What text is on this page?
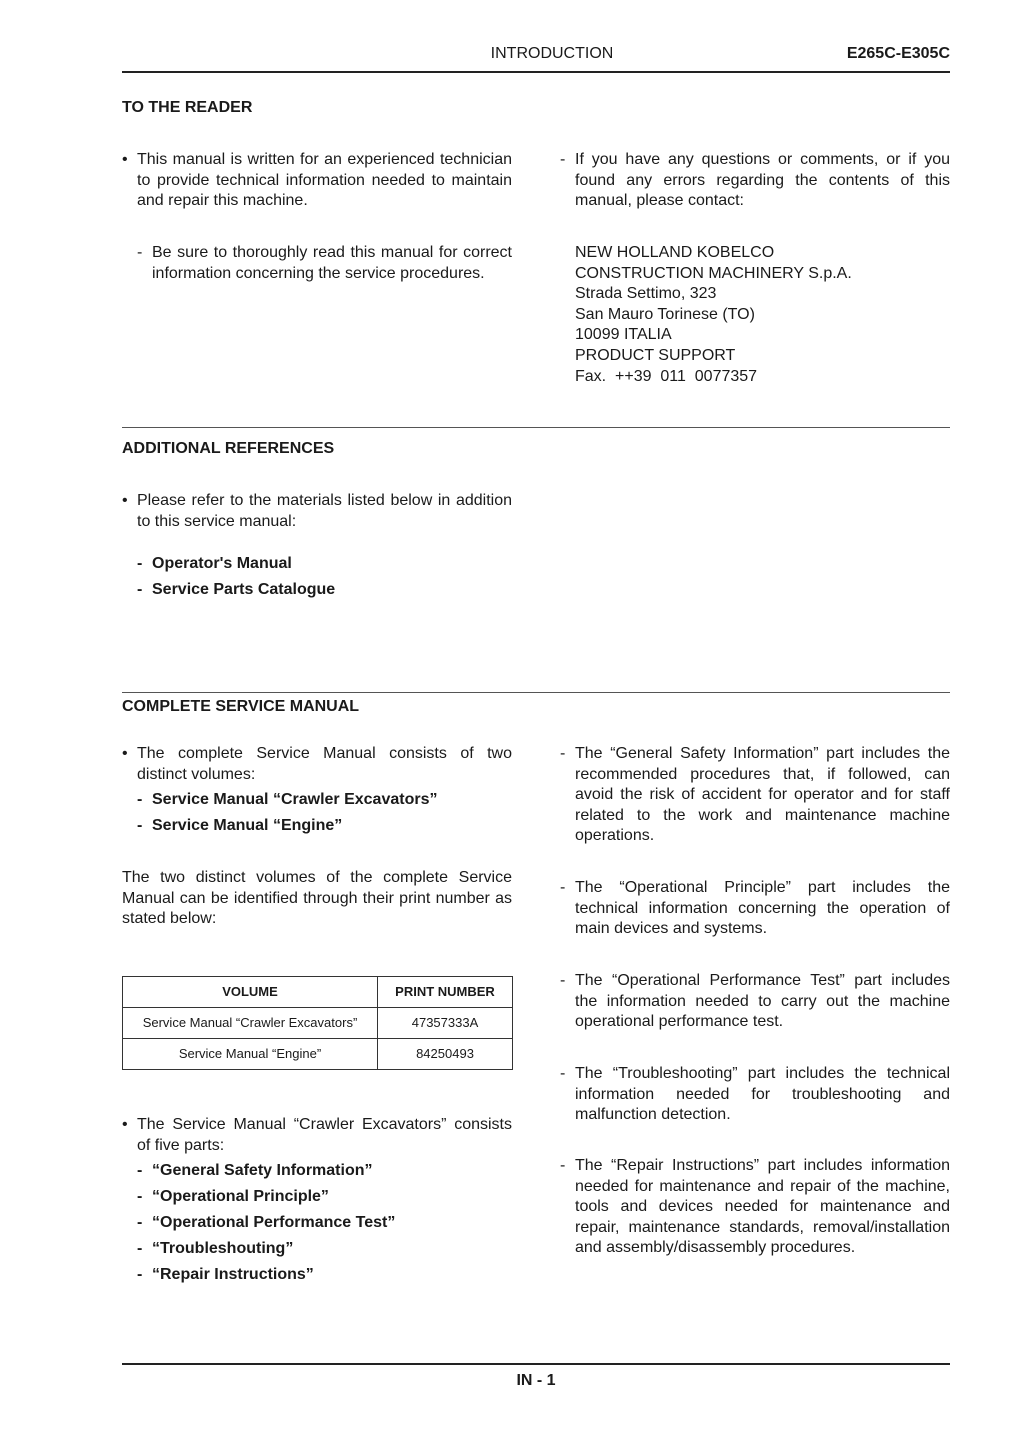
INTRODUCTION	E265C-E305C
TO THE READER
• This manual is written for an experienced technician to provide technical information needed to maintain and repair this machine.
- Be sure to thoroughly read this manual for correct information concerning the service procedures.
- If you have any questions or comments, or if you found any errors regarding the contents of this manual, please contact:
NEW HOLLAND KOBELCO
CONSTRUCTION MACHINERY S.p.A.
Strada Settimo, 323
San Mauro Torinese (TO)
10099 ITALIA
PRODUCT SUPPORT
Fax.  ++39  011  0077357
ADDITIONAL REFERENCES
• Please refer to the materials listed below in addition to this service manual:
- Operator's Manual
- Service Parts Catalogue
COMPLETE SERVICE MANUAL
• The complete Service Manual consists of two distinct volumes:
- Service Manual “Crawler Excavators”
- Service Manual “Engine”
The two distinct volumes of the complete Service Manual can be identified through their print number as stated below:
VOLUME	PRINT NUMBER
Service Manual “Crawler Excavators”	47357333A
Service Manual “Engine”	84250493
• The Service Manual “Crawler Excavators” consists of five parts:
- “General Safety Information”
- “Operational Principle”
- “Operational Performance Test”
- “Troubleshouting”
- “Repair Instructions”
- The “General Safety Information” part includes the recommended procedures that, if followed, can avoid the risk of accident for operator and for staff related to the work and maintenance machine operations.
- The “Operational Principle” part includes the technical information concerning the operation of main devices and systems.
- The “Operational Performance Test” part includes the information needed to carry out the machine operational performance test.
- The “Troubleshooting” part includes the technical information needed for troubleshooting and malfunction detection.
- The “Repair Instructions” part includes information needed for maintenance and repair of the machine, tools and devices needed for maintenance and repair, maintenance standards, removal/installation and assembly/disassembly procedures.
IN - 1
